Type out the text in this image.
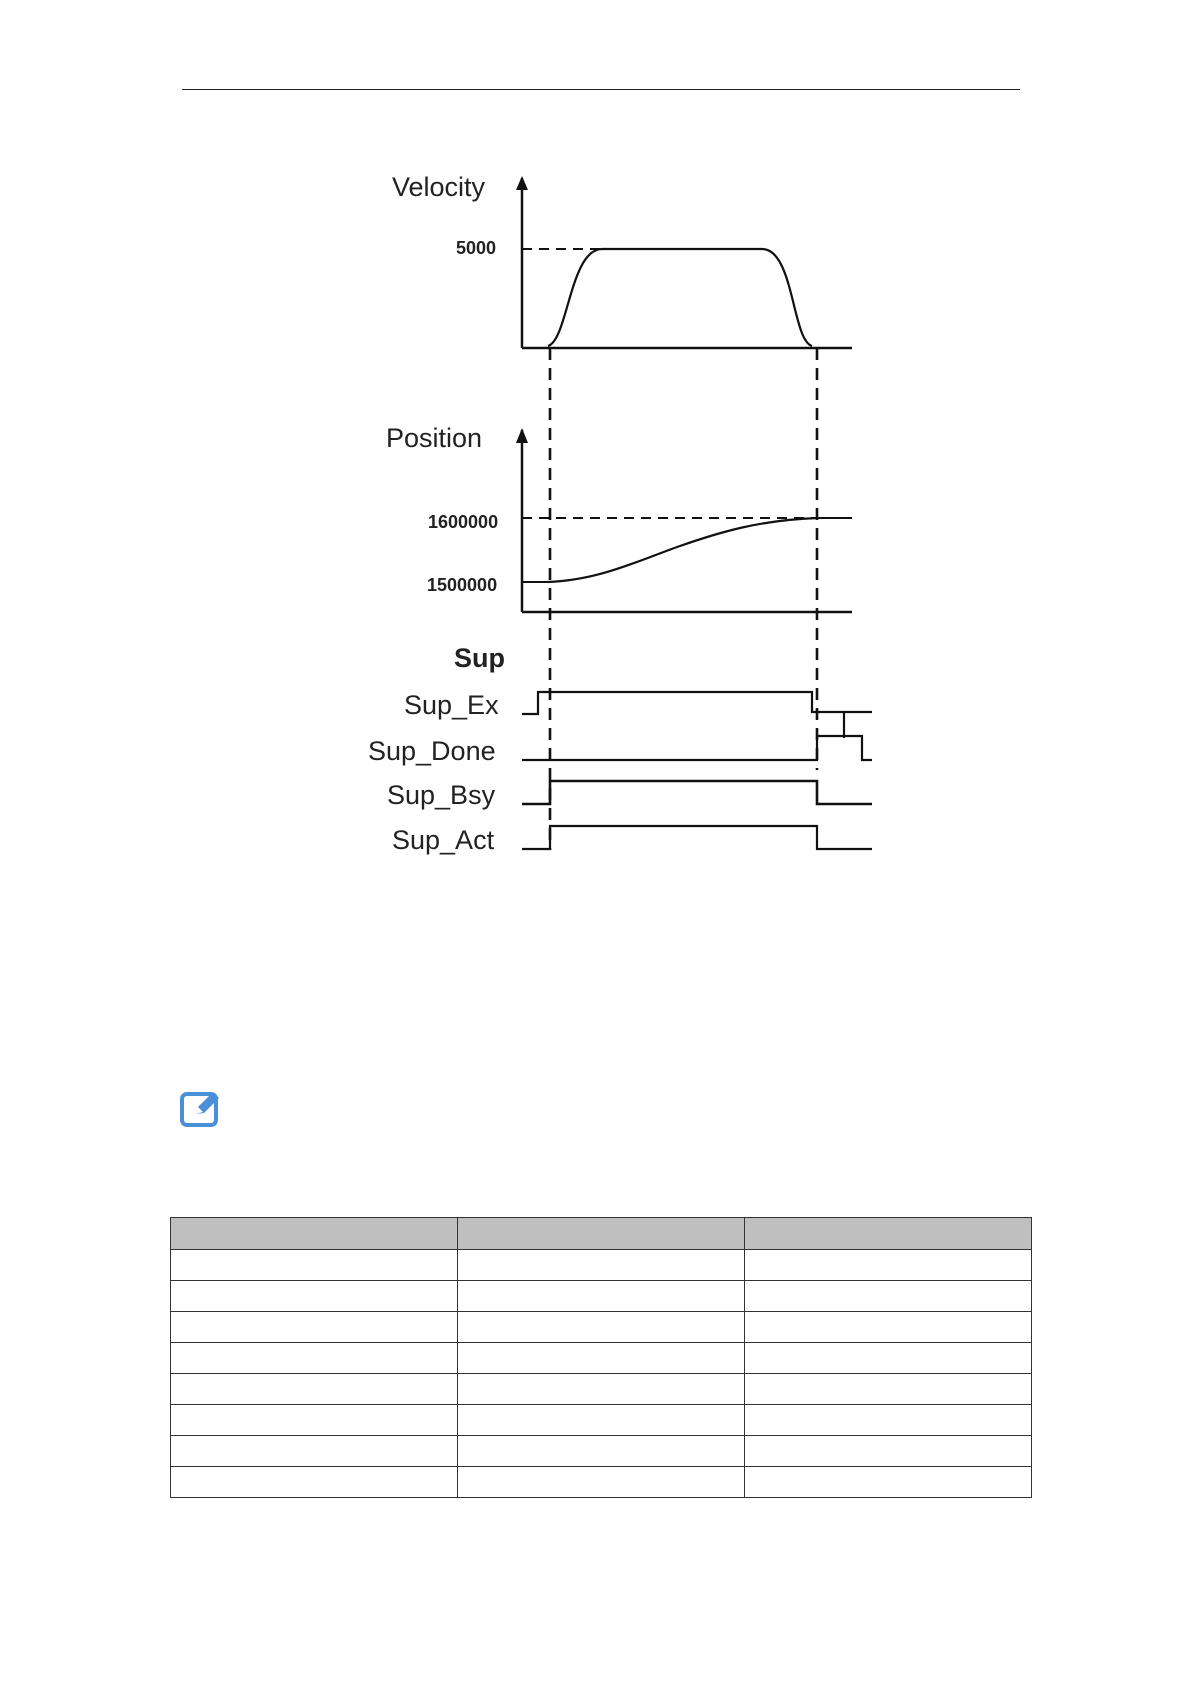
Velocity
5000
Position
1600000
1500000
Sup
Sup_Ex
Sup_Done
Sup_Bsy
Sup_Act
